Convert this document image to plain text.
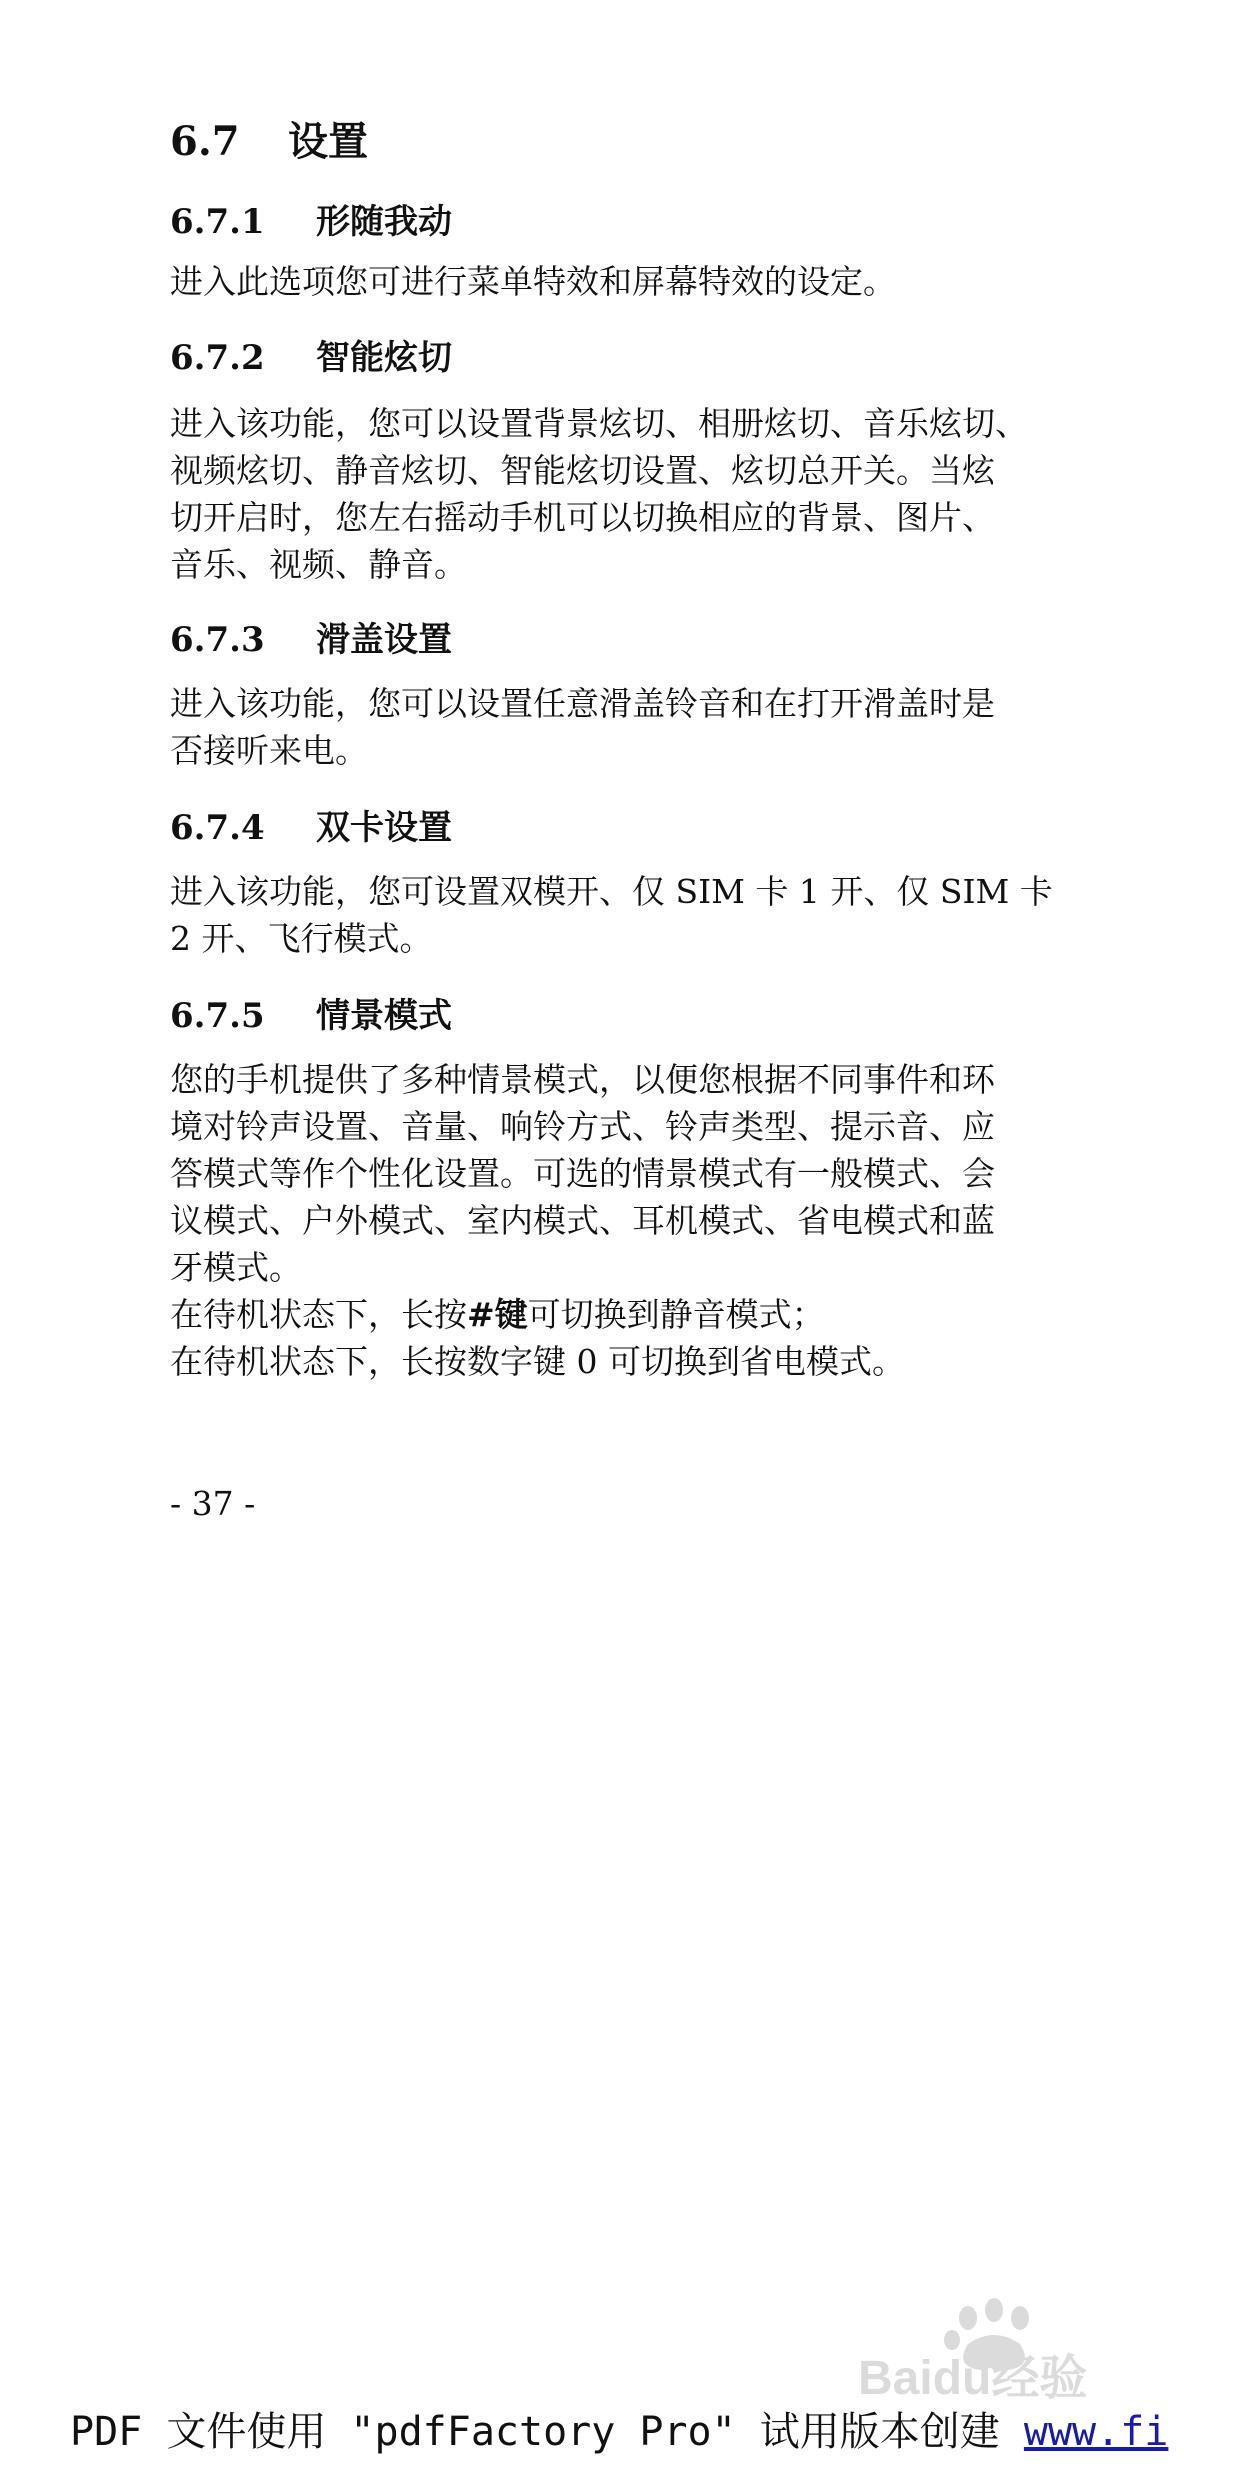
6.7 设置
6.7.1 形随我动

进入此选项您可进行菜单特效和屏幕特效的设定。

6.7.2 智能炫切

进入该功能，您可以设置背景炫切、相册炫切、音乐炫切、

视频炫切、静音炫切、智能炫切设置、炫切总开关。当炫

切开启时，您左右摇动手机可以切换相应的背景、图片、

音乐、视频、静音。

6.7.3 滑盖设置

进入该功能，您可以设置任意滑盖铃音和在打开滑盖时是

否接听来电。

6.7.4 双卡设置

进入该功能，您可设置双模开、仅 SIM 卡 1 开、仅 SIM 卡

2 开、飞行模式。

6.7.5 情景模式

您的手机提供了多种情景模式，以便您根据不同事件和环

境对铃声设置、音量、响铃方式、铃声类型、提示音、应

答模式等作个性化设置。可选的情景模式有一般模式、会

议模式、户外模式、室内模式、耳机模式、省电模式和蓝

牙模式。

在待机状态下，长按#键可切换到静音模式；

在待机状态下，长按数字键 0 可切换到省电模式。

- 37 -
Baidu经验
PDF 文件使用 "pdfFactory Pro" 试用版本创建 www.fi
